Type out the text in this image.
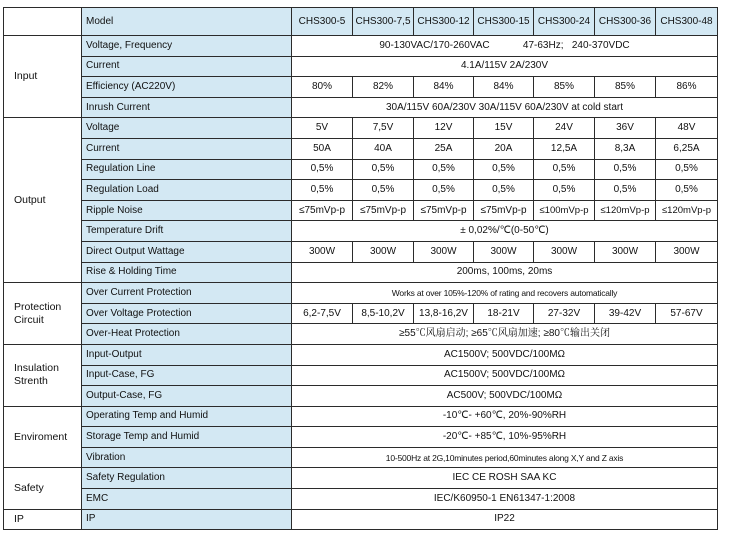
	Model	CHS300-5	CHS300-7,5	CHS300-12	CHS300-15	CHS300-24	CHS300-36	CHS300-48
Input	Voltage, Frequency	90-130VAC/170-260VAC            47-63Hz;   240-370VDC						
	Current	4.1A/115V 2A/230V						
	Efficiency (AC220V)	80%	82%	84%	84%	85%	85%	86%
	Inrush Current	30A/115V 60A/230V 30A/115V 60A/230V at cold start						
Output	Voltage	5V	7,5V	12V	15V	24V	36V	48V
	Current	50A	40A	25A	20A	12,5A	8,3A	6,25A
	Regulation Line	0,5%	0,5%	0,5%	0,5%	0,5%	0,5%	0,5%
	Regulation Load	0,5%	0,5%	0,5%	0,5%	0,5%	0,5%	0,5%
	Ripple Noise	≤75mVp-p	≤75mVp-p	≤75mVp-p	≤75mVp-p	≤100mVp-p	≤120mVp-p	≤120mVp-p
	Temperature Drift	± 0,02%/℃(0-50℃)						
	Direct Output Wattage	300W	300W	300W	300W	300W	300W	300W
	Rise & Holding Time	200ms, 100ms, 20ms						
Protection Circuit	Over Current Protection	Works at over 105%-120% of rating and recovers automatically						
	Over Voltage Protection	6,2-7,5V	8,5-10,2V	13,8-16,2V	18-21V	27-32V	39-42V	57-67V
	Over-Heat Protection	≥55℃风扇启动; ≥65℃风扇加速; ≥80℃输出关闭						
Insulation Strenth	Input-Output	AC1500V; 500VDC/100MΩ						
	Input-Case, FG	AC1500V; 500VDC/100MΩ						
	Output-Case, FG	AC500V; 500VDC/100MΩ						
Enviroment	Operating Temp and Humid	-10℃- +60℃, 20%-90%RH						
	Storage Temp and Humid	-20℃- +85℃, 10%-95%RH						
	Vibration	10-500Hz at 2G,10minutes period,60minutes along X,Y and Z axis						
Safety	Safety Regulation	IEC CE ROSH SAA KC						
	EMC	IEC/K60950-1 EN61347-1:2008						
IP	IP	IP22						
